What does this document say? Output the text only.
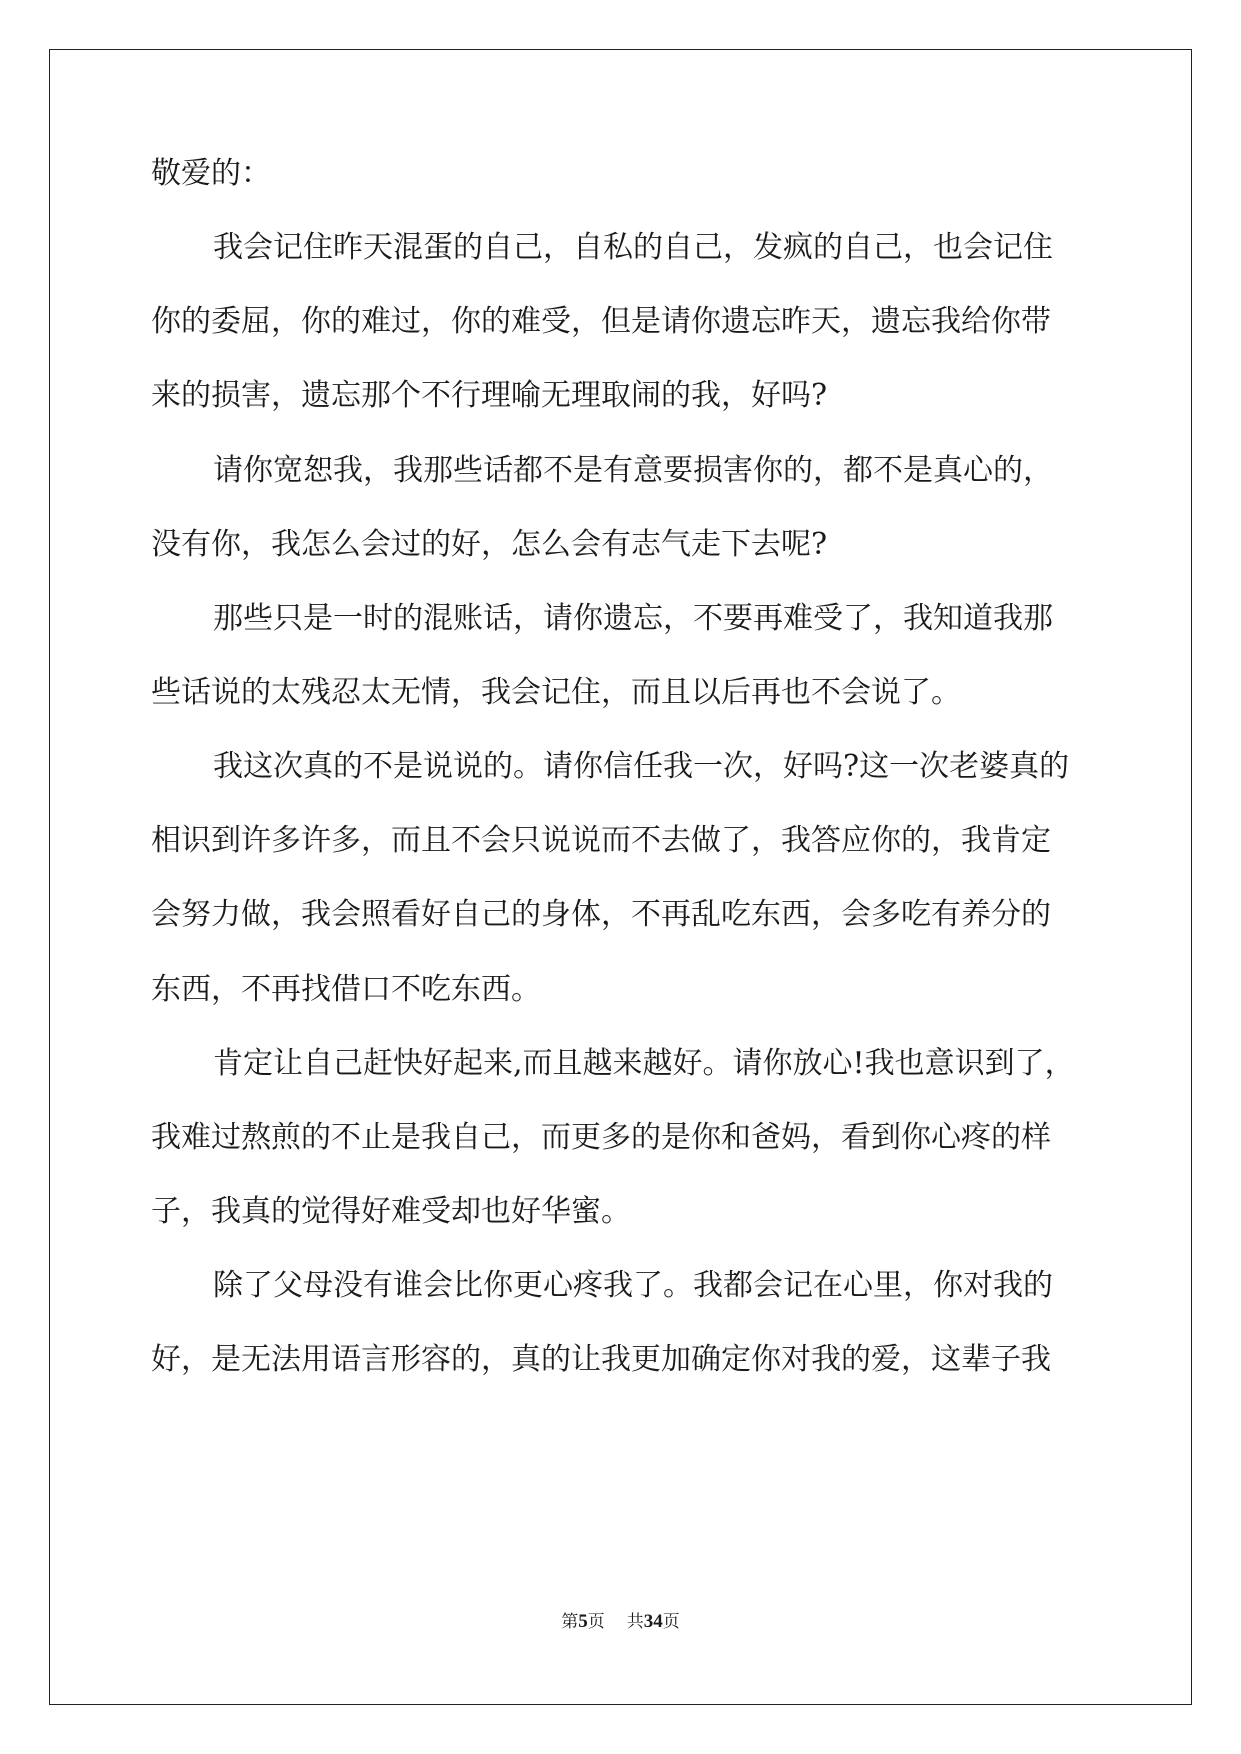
敬爱的：
我会记住昨天混蛋的自己，自私的自己，发疯的自己，也会记住
你的委屈，你的难过，你的难受，但是请你遗忘昨天，遗忘我给你带
来的损害，遗忘那个不行理喻无理取闹的我，好吗?
请你宽恕我，我那些话都不是有意要损害你的，都不是真心的，
没有你，我怎么会过的好，怎么会有志气走下去呢?
那些只是一时的混账话，请你遗忘，不要再难受了，我知道我那
些话说的太残忍太无情，我会记住，而且以后再也不会说了。
我这次真的不是说说的。请你信任我一次，好吗?这一次老婆真的
相识到许多许多，而且不会只说说而不去做了，我答应你的，我肯定
会努力做，我会照看好自己的身体，不再乱吃东西，会多吃有养分的
东西，不再找借口不吃东西。
肯定让自己赶快好起来,而且越来越好。请你放心!我也意识到了，
我难过熬煎的不止是我自己，而更多的是你和爸妈，看到你心疼的样
子，我真的觉得好难受却也好华蜜。
除了父母没有谁会比你更心疼我了。我都会记在心里，你对我的
好，是无法用语言形容的，真的让我更加确定你对我的爱，这辈子我
第5页 共34页
